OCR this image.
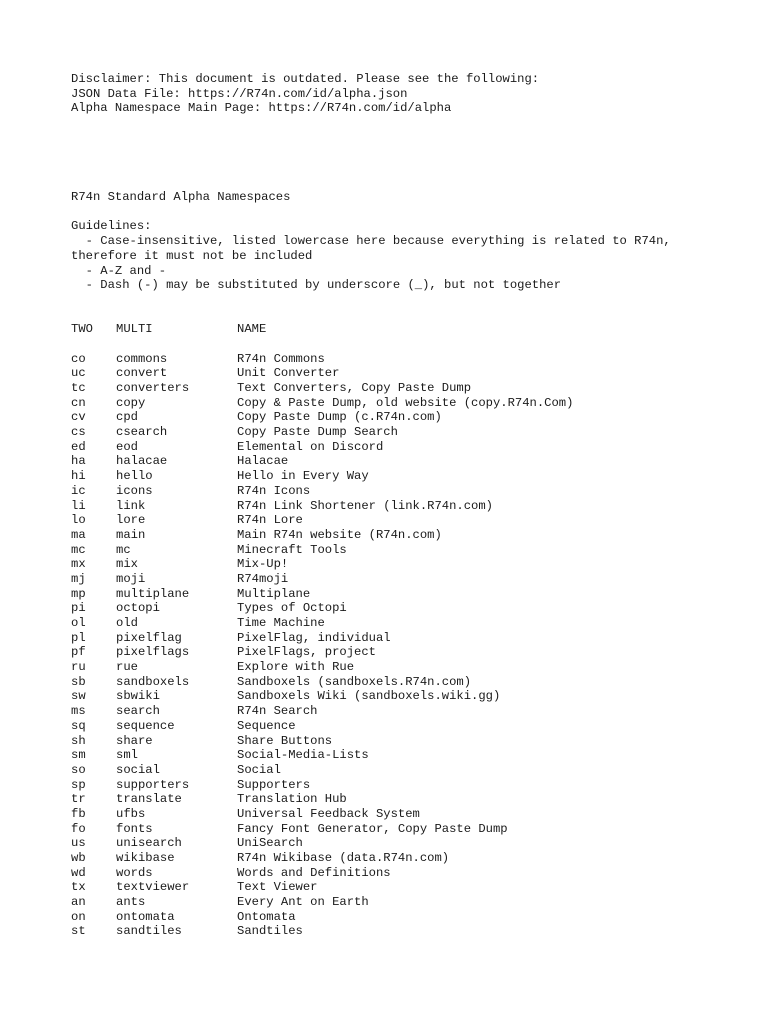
Disclaimer: This document is outdated. Please see the following:
JSON Data File: https://R74n.com/id/alpha.json
Alpha Namespace Main Page: https://R74n.com/id/alpha
R74n Standard Alpha Namespaces
Guidelines:
- Case-insensitive, listed lowercase here because everything is related to R74n, therefore it must not be included
- A-Z and -
- Dash (-) may be substituted by underscore (_), but not together
TWO	MULTI	NAME
co	commons	R74n Commons
uc	convert	Unit Converter
tc	converters	Text Converters, Copy Paste Dump
cn	copy	Copy & Paste Dump, old website (copy.R74n.Com)
cv	cpd	Copy Paste Dump (c.R74n.com)
cs	csearch	Copy Paste Dump Search
ed	eod	Elemental on Discord
ha	halacae	Halacae
hi	hello	Hello in Every Way
ic	icons	R74n Icons
li	link	R74n Link Shortener (link.R74n.com)
lo	lore	R74n Lore
ma	main	Main R74n website (R74n.com)
mc	mc	Minecraft Tools
mx	mix	Mix-Up!
mj	moji	R74moji
mp	multiplane	Multiplane
pi	octopi	Types of Octopi
ol	old	Time Machine
pl	pixelflag	PixelFlag, individual
pf	pixelflags	PixelFlags, project
ru	rue	Explore with Rue
sb	sandboxels	Sandboxels (sandboxels.R74n.com)
sw	sbwiki	Sandboxels Wiki (sandboxels.wiki.gg)
ms	search	R74n Search
sq	sequence	Sequence
sh	share	Share Buttons
sm	sml	Social-Media-Lists
so	social	Social
sp	supporters	Supporters
tr	translate	Translation Hub
fb	ufbs	Universal Feedback System
fo	fonts	Fancy Font Generator, Copy Paste Dump
us	unisearch	UniSearch
wb	wikibase	R74n Wikibase (data.R74n.com)
wd	words	Words and Definitions
tx	textviewer	Text Viewer
an	ants	Every Ant on Earth
on	ontomata	Ontomata
st	sandtiles	Sandtiles
